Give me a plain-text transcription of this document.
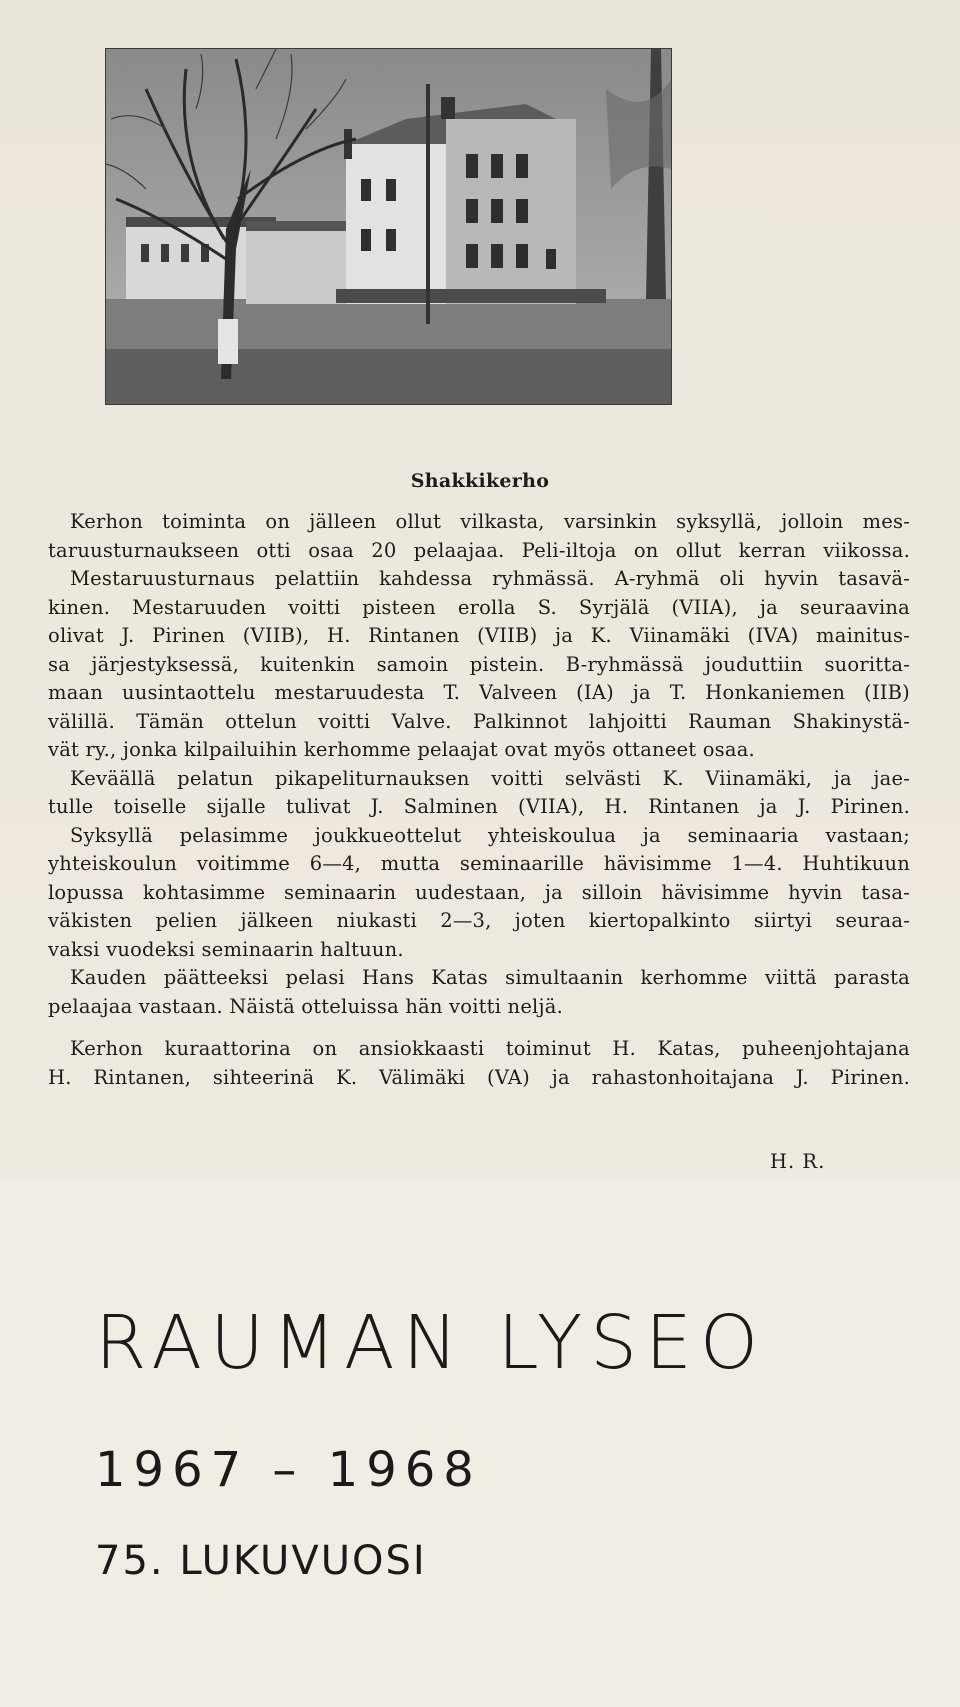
Shakkikerho
Kerhon toiminta on jälleen ollut vilkasta, varsinkin syksyllä, jolloin mes-
taruusturnaukseen otti osaa 20 pelaajaa. Peli-iltoja on ollut kerran viikossa.
Mestaruusturnaus pelattiin kahdessa ryhmässä. A-ryhmä oli hyvin tasavä-
kinen. Mestaruuden voitti pisteen erolla S. Syrjälä (VIIA), ja seuraavina
olivat J. Pirinen (VIIB), H. Rintanen (VIIB) ja K. Viinamäki (IVA) mainitus-
sa järjestyksessä, kuitenkin samoin pistein. B-ryhmässä jouduttiin suoritta-
maan uusintaottelu mestaruudesta T. Valveen (IA) ja T. Honkaniemen (IIB)
välillä. Tämän ottelun voitti Valve. Palkinnot lahjoitti Rauman Shakinystä-
vät ry., jonka kilpailuihin kerhomme pelaajat ovat myös ottaneet osaa.
Keväällä pelatun pikapeliturnauksen voitti selvästi K. Viinamäki, ja jae-
tulle toiselle sijalle tulivat J. Salminen (VIIA), H. Rintanen ja J. Pirinen.
Syksyllä pelasimme joukkueottelut yhteiskoulua ja seminaaria vastaan;
yhteiskoulun voitimme 6—4, mutta seminaarille hävisimme 1—4. Huhtikuun
lopussa kohtasimme seminaarin uudestaan, ja silloin hävisimme hyvin tasa-
väkisten pelien jälkeen niukasti 2—3, joten kiertopalkinto siirtyi seuraa-
vaksi vuodeksi seminaarin haltuun.
Kauden päätteeksi pelasi Hans Katas simultaanin kerhomme viittä parasta
pelaajaa vastaan. Näistä otteluissa hän voitti neljä.
Kerhon kuraattorina on ansiokkaasti toiminut H. Katas, puheenjohtajana
H. Rintanen, sihteerinä K. Välimäki (VA) ja rahastonhoitajana J. Pirinen.
H. R.
RAUMAN LYSEO
1967 – 1968
75. LUKUVUOSI
